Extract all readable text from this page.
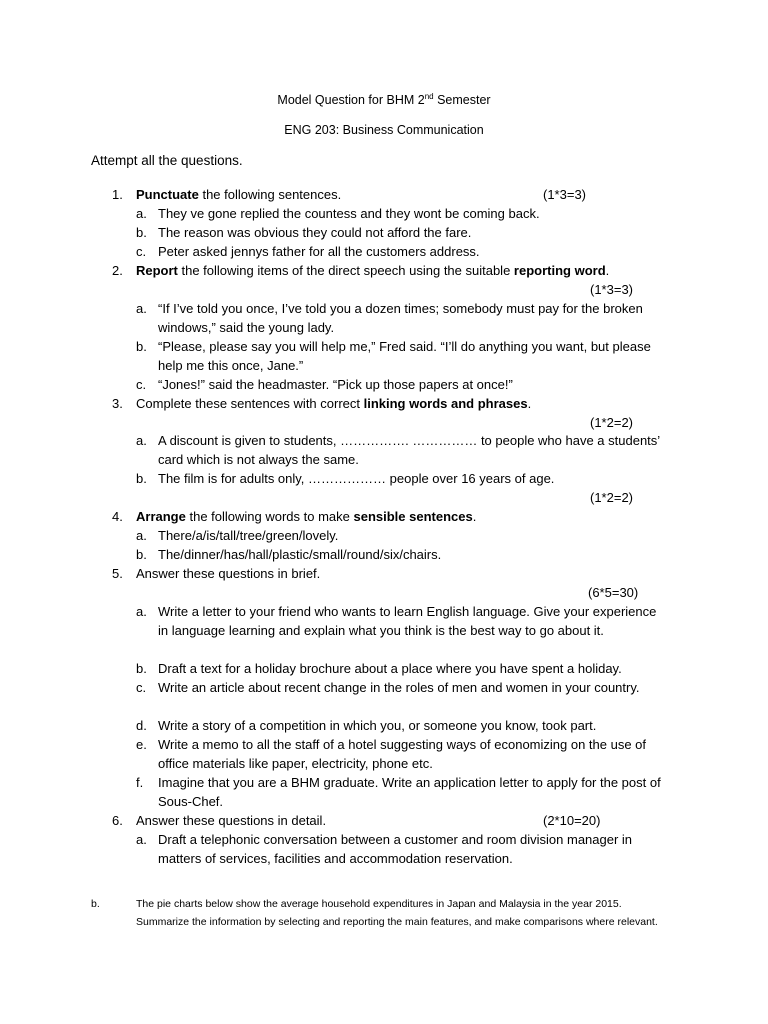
Model Question for BHM 2nd Semester
ENG 203: Business Communication
Attempt all the questions.
1.	Punctuate the following sentences.	(1*3=3)
a. They ve gone replied the countess and they wont be coming back.
b. The reason was obvious they could not afford the fare.
c. Peter asked jennys father for all the customers address.
2.	Report the following items of the direct speech using the suitable reporting word.
(1*3=3)
a. “If I’ve told you once, I’ve told you a dozen times; somebody must pay for the broken windows,” said the young lady.
b. “Please, please say you will help me,” Fred said. “I’ll do anything you want, but please help me this once, Jane.”
c. “Jones!” said the headmaster. “Pick up those papers at once!”
3.	Complete these sentences with correct linking words and phrases.
(1*2=2)
a. A discount is given to students, ……………. …………… to people who have a students’ card which is not always the same.
b. The film is for adults only, ……………… people over 16 years of age.
(1*2=2)
4.	Arrange the following words to make sensible sentences.
a. There/a/is/tall/tree/green/lovely.
b. The/dinner/has/hall/plastic/small/round/six/chairs.
5.	Answer these questions in brief.
(6*5=30)
a. Write a letter to your friend who wants to learn English language. Give your experience in language learning and explain what you think is the best way to go about it.
b. Draft a text for a holiday brochure about a place where you have spent a holiday.
c. Write an article about recent change in the roles of men and women in your country.
d. Write a story of a competition in which you, or someone you know, took part.
e. Write a memo to all the staff of a hotel suggesting ways of economizing on the use of office materials like paper, electricity, phone etc.
f.	Imagine that you are a BHM graduate. Write an application letter to apply for the post of Sous-Chef.
6.	Answer these questions in detail.	(2*10=20)
a. Draft a telephonic conversation between a customer and room division manager in matters of services, facilities and accommodation reservation.
b.	The pie charts below show the average household expenditures in Japan and Malaysia in the year 2015. Summarize the information by selecting and reporting the main features, and make comparisons where relevant.
